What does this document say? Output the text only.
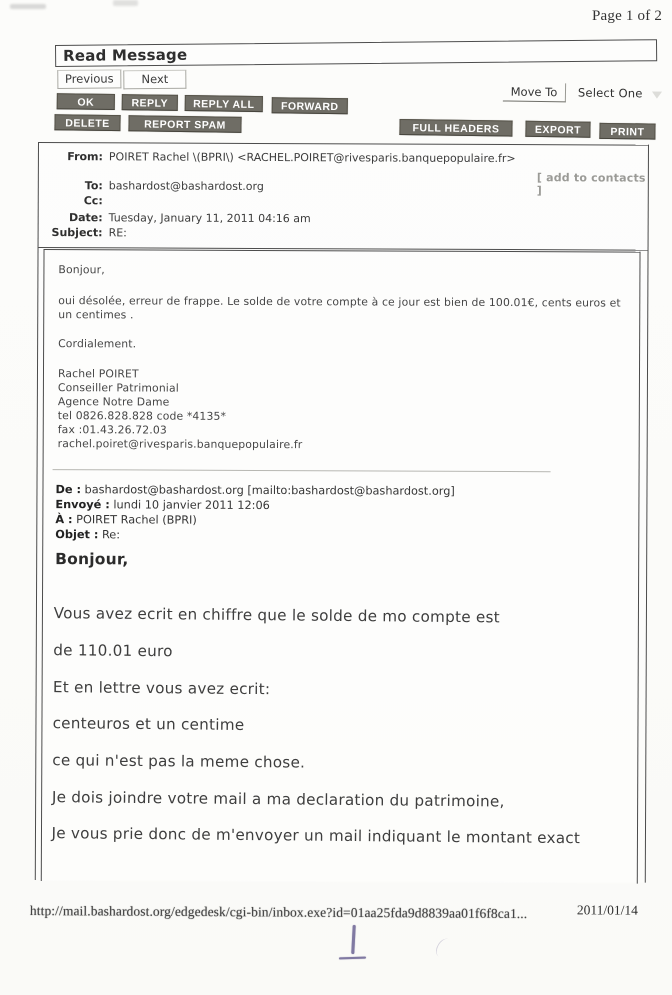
Page 1 of 2
Read Message
Previous	Next
Move To	Select One
OK	REPLY	REPLY ALL	FORWARD
DELETE	REPORT SPAM	FULL HEADERS	EXPORT	PRINT
From: POIRET Rachel \(BPRI\) <RACHEL.POIRET@rivesparis.banquepopulaire.fr>
To: bashardost@bashardost.org
[ add to contacts ]
Cc:
Date: Tuesday, January 11, 2011 04:16 am
Subject: RE:
Bonjour,
oui désolée, erreur de frappe. Le solde de votre compte à ce jour est bien de 100.01€, cents euros et un centimes .
Cordialement.
Rachel POIRET
Conseiller Patrimonial
Agence Notre Dame
tel 0826.828.828 code *4135*
fax :01.43.26.72.03
rachel.poiret@rivesparis.banquepopulaire.fr
De : bashardost@bashardost.org [mailto:bashardost@bashardost.org]
Envoyé : lundi 10 janvier 2011 12:06
À : POIRET Rachel (BPRI)
Objet : Re:
Bonjour,
Vous avez ecrit en chiffre que le solde de mo compte est
de 110.01 euro
Et en lettre vous avez ecrit:
centeuros et un centime
ce qui n'est pas la meme chose.
Je dois joindre votre mail a ma declaration du patrimoine,
Je vous prie donc de m'envoyer un mail indiquant le montant exact
http://mail.bashardost.org/edgedesk/cgi-bin/inbox.exe?id=01aa25fda9d8839aa01f6f8ca1...	2011/01/14
